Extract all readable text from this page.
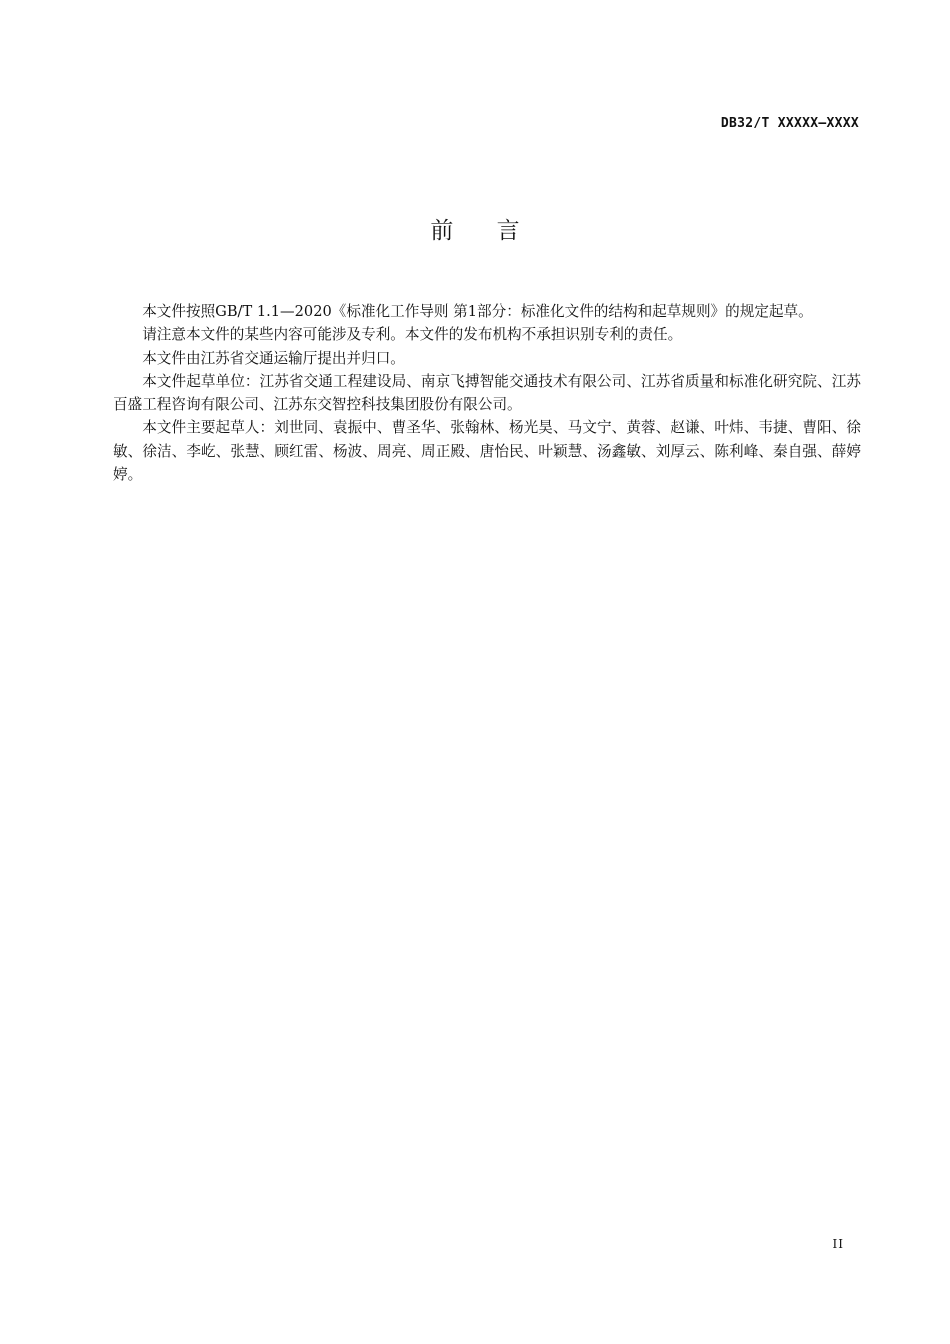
DB32/T XXXXX—XXXX
前 言

本文件按照GB/T 1.1—2020《标准化工作导则 第1部分：标准化文件的结构和起草规则》的规定起草。

请注意本文件的某些内容可能涉及专利。本文件的发布机构不承担识别专利的责任。

本文件由江苏省交通运输厅提出并归口。

本文件起草单位：江苏省交通工程建设局、南京飞搏智能交通技术有限公司、江苏省质量和标准化研究院、江苏百盛工程咨询有限公司、江苏东交智控科技集团股份有限公司。

本文件主要起草人：刘世同、袁振中、曹圣华、张翰林、杨光昊、马文宁、黄蓉、赵谦、叶炜、韦捷、曹阳、徐敏、徐洁、李屹、张慧、顾红雷、杨波、周亮、周正殿、唐怡民、叶颖慧、汤鑫敏、刘厚云、陈利峰、秦自强、薛婷婷。

II
